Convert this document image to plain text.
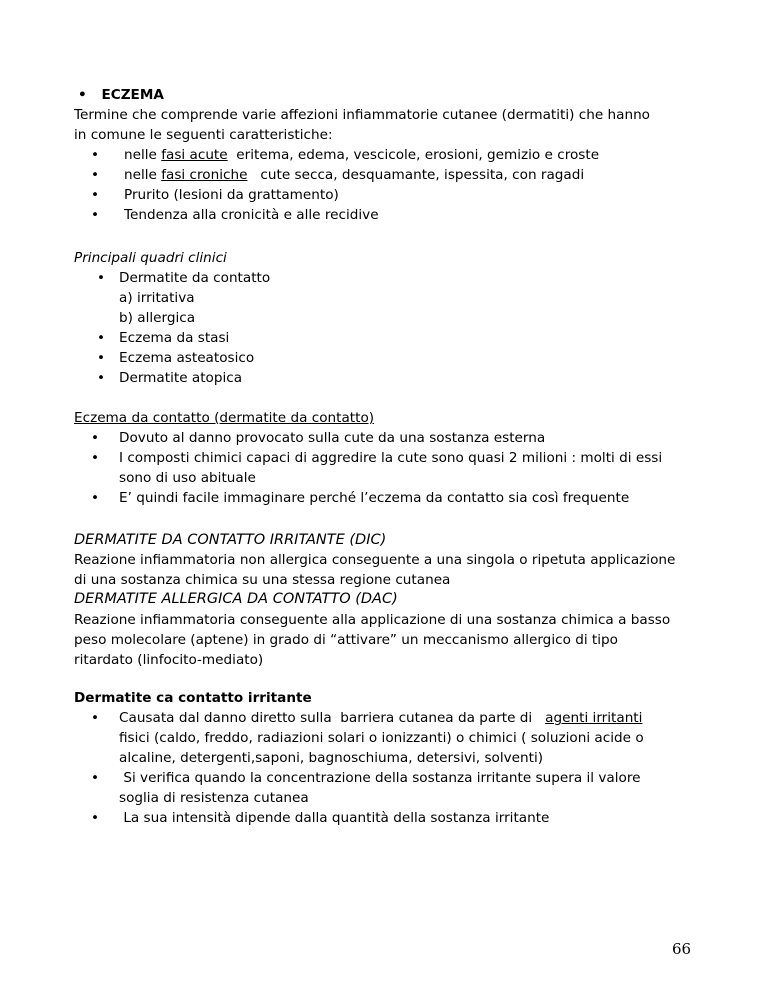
• ECZEMA
Termine che comprende varie affezioni infiammatorie cutanee (dermatiti) che hanno
in comune le seguenti caratteristiche:
• nelle fasi acute  eritema, edema, vescicole, erosioni, gemizio e croste
• nelle fasi croniche   cute secca, desquamante, ispessita, con ragadi
• Prurito (lesioni da grattamento)
• Tendenza alla cronicità e alle recidive
Principali quadri clinici
• Dermatite da contatto
a) irritativa
b) allergica
• Eczema da stasi
• Eczema asteatosico
• Dermatite atopica
Eczema da contatto (dermatite da contatto)
• Dovuto al danno provocato sulla cute da una sostanza esterna
• I composti chimici capaci di aggredire la cute sono quasi 2 milioni : molti di essi
sono di uso abituale
• E’ quindi facile immaginare perché l’eczema da contatto sia così frequente
DERMATITE DA CONTATTO IRRITANTE (DIC)
Reazione infiammatoria non allergica conseguente a una singola o ripetuta applicazione
di una sostanza chimica su una stessa regione cutanea
DERMATITE ALLERGICA DA CONTATTO (DAC)
Reazione infiammatoria conseguente alla applicazione di una sostanza chimica a basso
peso molecolare (aptene) in grado di “attivare” un meccanismo allergico di tipo
ritardato (linfocito-mediato)
Dermatite ca contatto irritante
• Causata dal danno diretto sulla  barriera cutanea da parte di   agenti irritanti
fisici (caldo, freddo, radiazioni solari o ionizzanti) o chimici ( soluzioni acide o
alcaline, detergenti,saponi, bagnoschiuma, detersivi, solventi)
• Si verifica quando la concentrazione della sostanza irritante supera il valore
soglia di resistenza cutanea
• La sua intensità dipende dalla quantità della sostanza irritante
66
